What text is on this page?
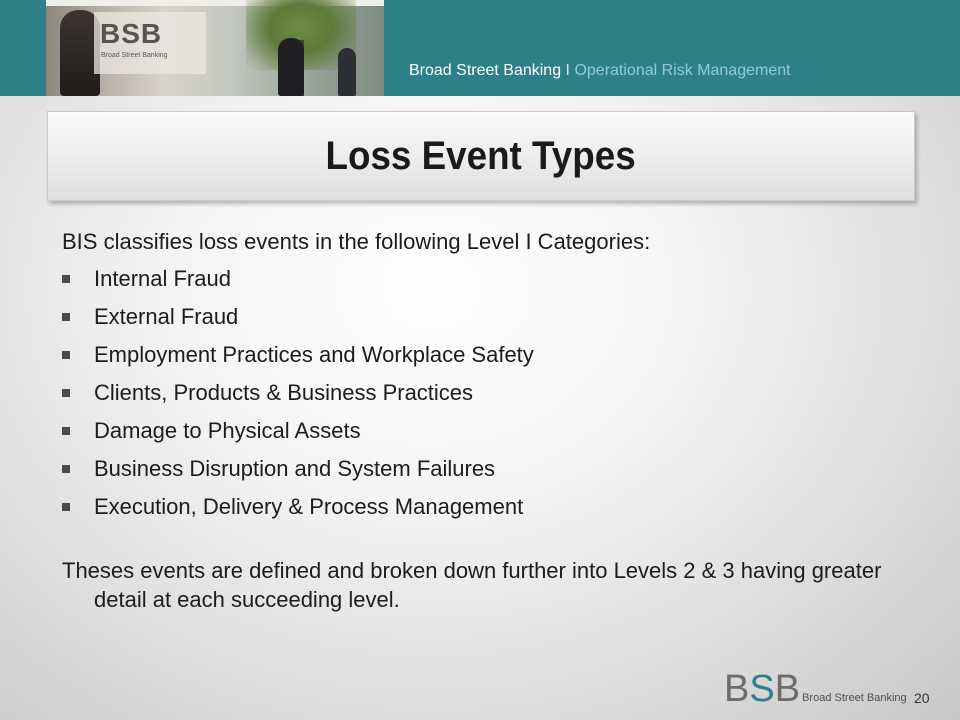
BSB
Broad Street Banking
Broad Street Banking I Operational Risk Management
Loss Event Types

BIS classifies loss events in the following Level I Categories:

Internal Fraud
External Fraud
Employment Practices and Workplace Safety
Clients, Products & Business Practices
Damage to Physical Assets
Business Disruption and System Failures
Execution, Delivery & Process Management

Theses events are defined and broken down further into Levels 2 & 3 having greater detail at each succeeding level.

BSB Broad Street Banking 20
